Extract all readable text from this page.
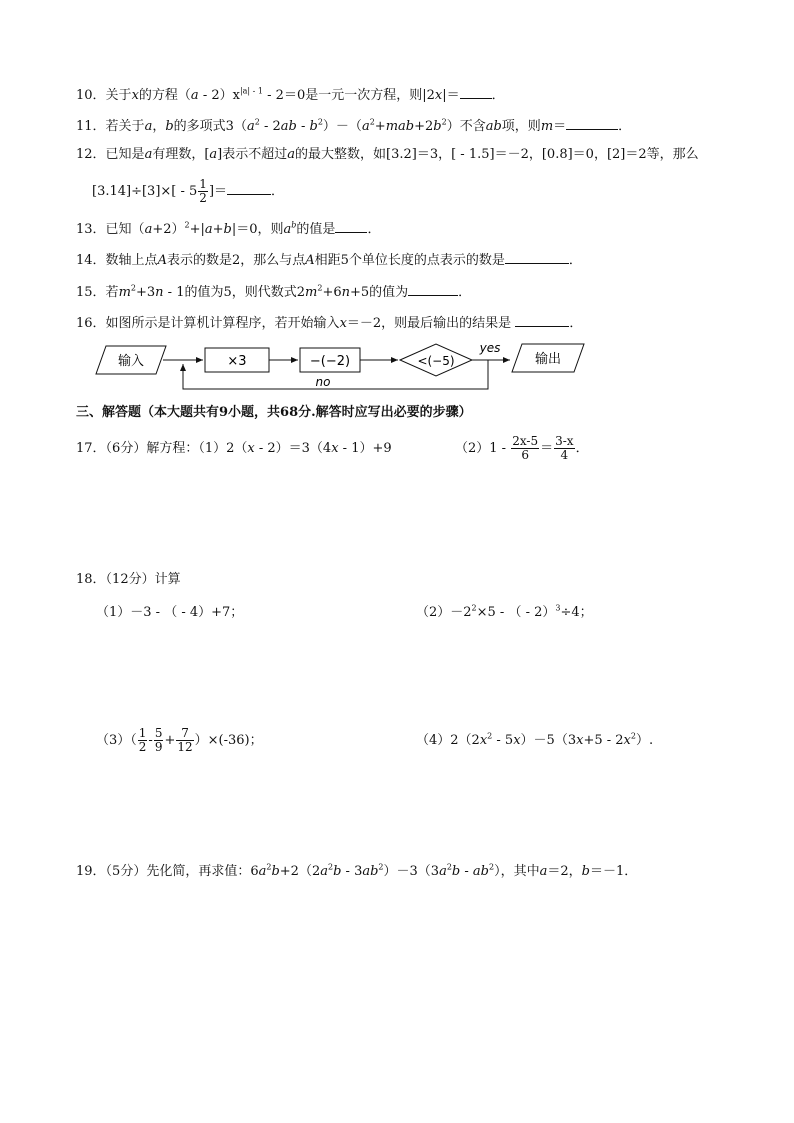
10．关于x的方程$(a - 2)x^{|a| - 1} - 2=0$是一元一次方程，则|2x|＝ ．
11．若关于a，b的多项式$3(a^2 - 2ab - b^2)-(a^2+mab+2b^2)$不含ab项，则m＝	．
12．已知是a有理数，[a]表示不超过a的最大整数，如[3.2]＝3，[ - 1.5]＝－2，[0.8]＝0，[2]＝2等，那么
$[3.14]\div[3]\times[ - 5 \frac{1}{2}$ ]＝	．
13．已知$(a+2)^2+|a+b|=0$，则$a^b$的值是 ．
14．数轴上点A表示的数是2，那么与点A相距5个单位长度的点表示的数是	．
15．若$m^2+3n - 1$的值为5，则代数式$2m^2+6n+5$的值为	．
16．如图所示是计算机计算程序，若开始输入x＝－2，则最后输出的结果是	．
输入	×3	−(−2)	<(−5)
yes
输出
no
三、解答题（本大题共有9小题，共68分.解答时应写出必要的步骤）
17．（6分）解方程：（1）2（x - 2）＝3（4x - 1）+9	$(2)1 - \frac{2x-5}{6} = \frac{3-x}{4}$ ．
18．（12分）计算
（1）－3 - （ - 4）+7；	$(2)-2^2\times 5$ - （ - 2）$^3$÷4；
$(3)( \frac{1}{2} - \frac{5}{9} + \frac{7}{12} )\times(-36)$；	$(4)2(2x^2 - 5x)-5(3x+5 - 2x^2)$.
19．（5分）先化简，再求值：$6a^2b+2(2a^2b - 3ab^2)-3(3a^2b - ab^2)$，其中a＝2，b＝－1．
